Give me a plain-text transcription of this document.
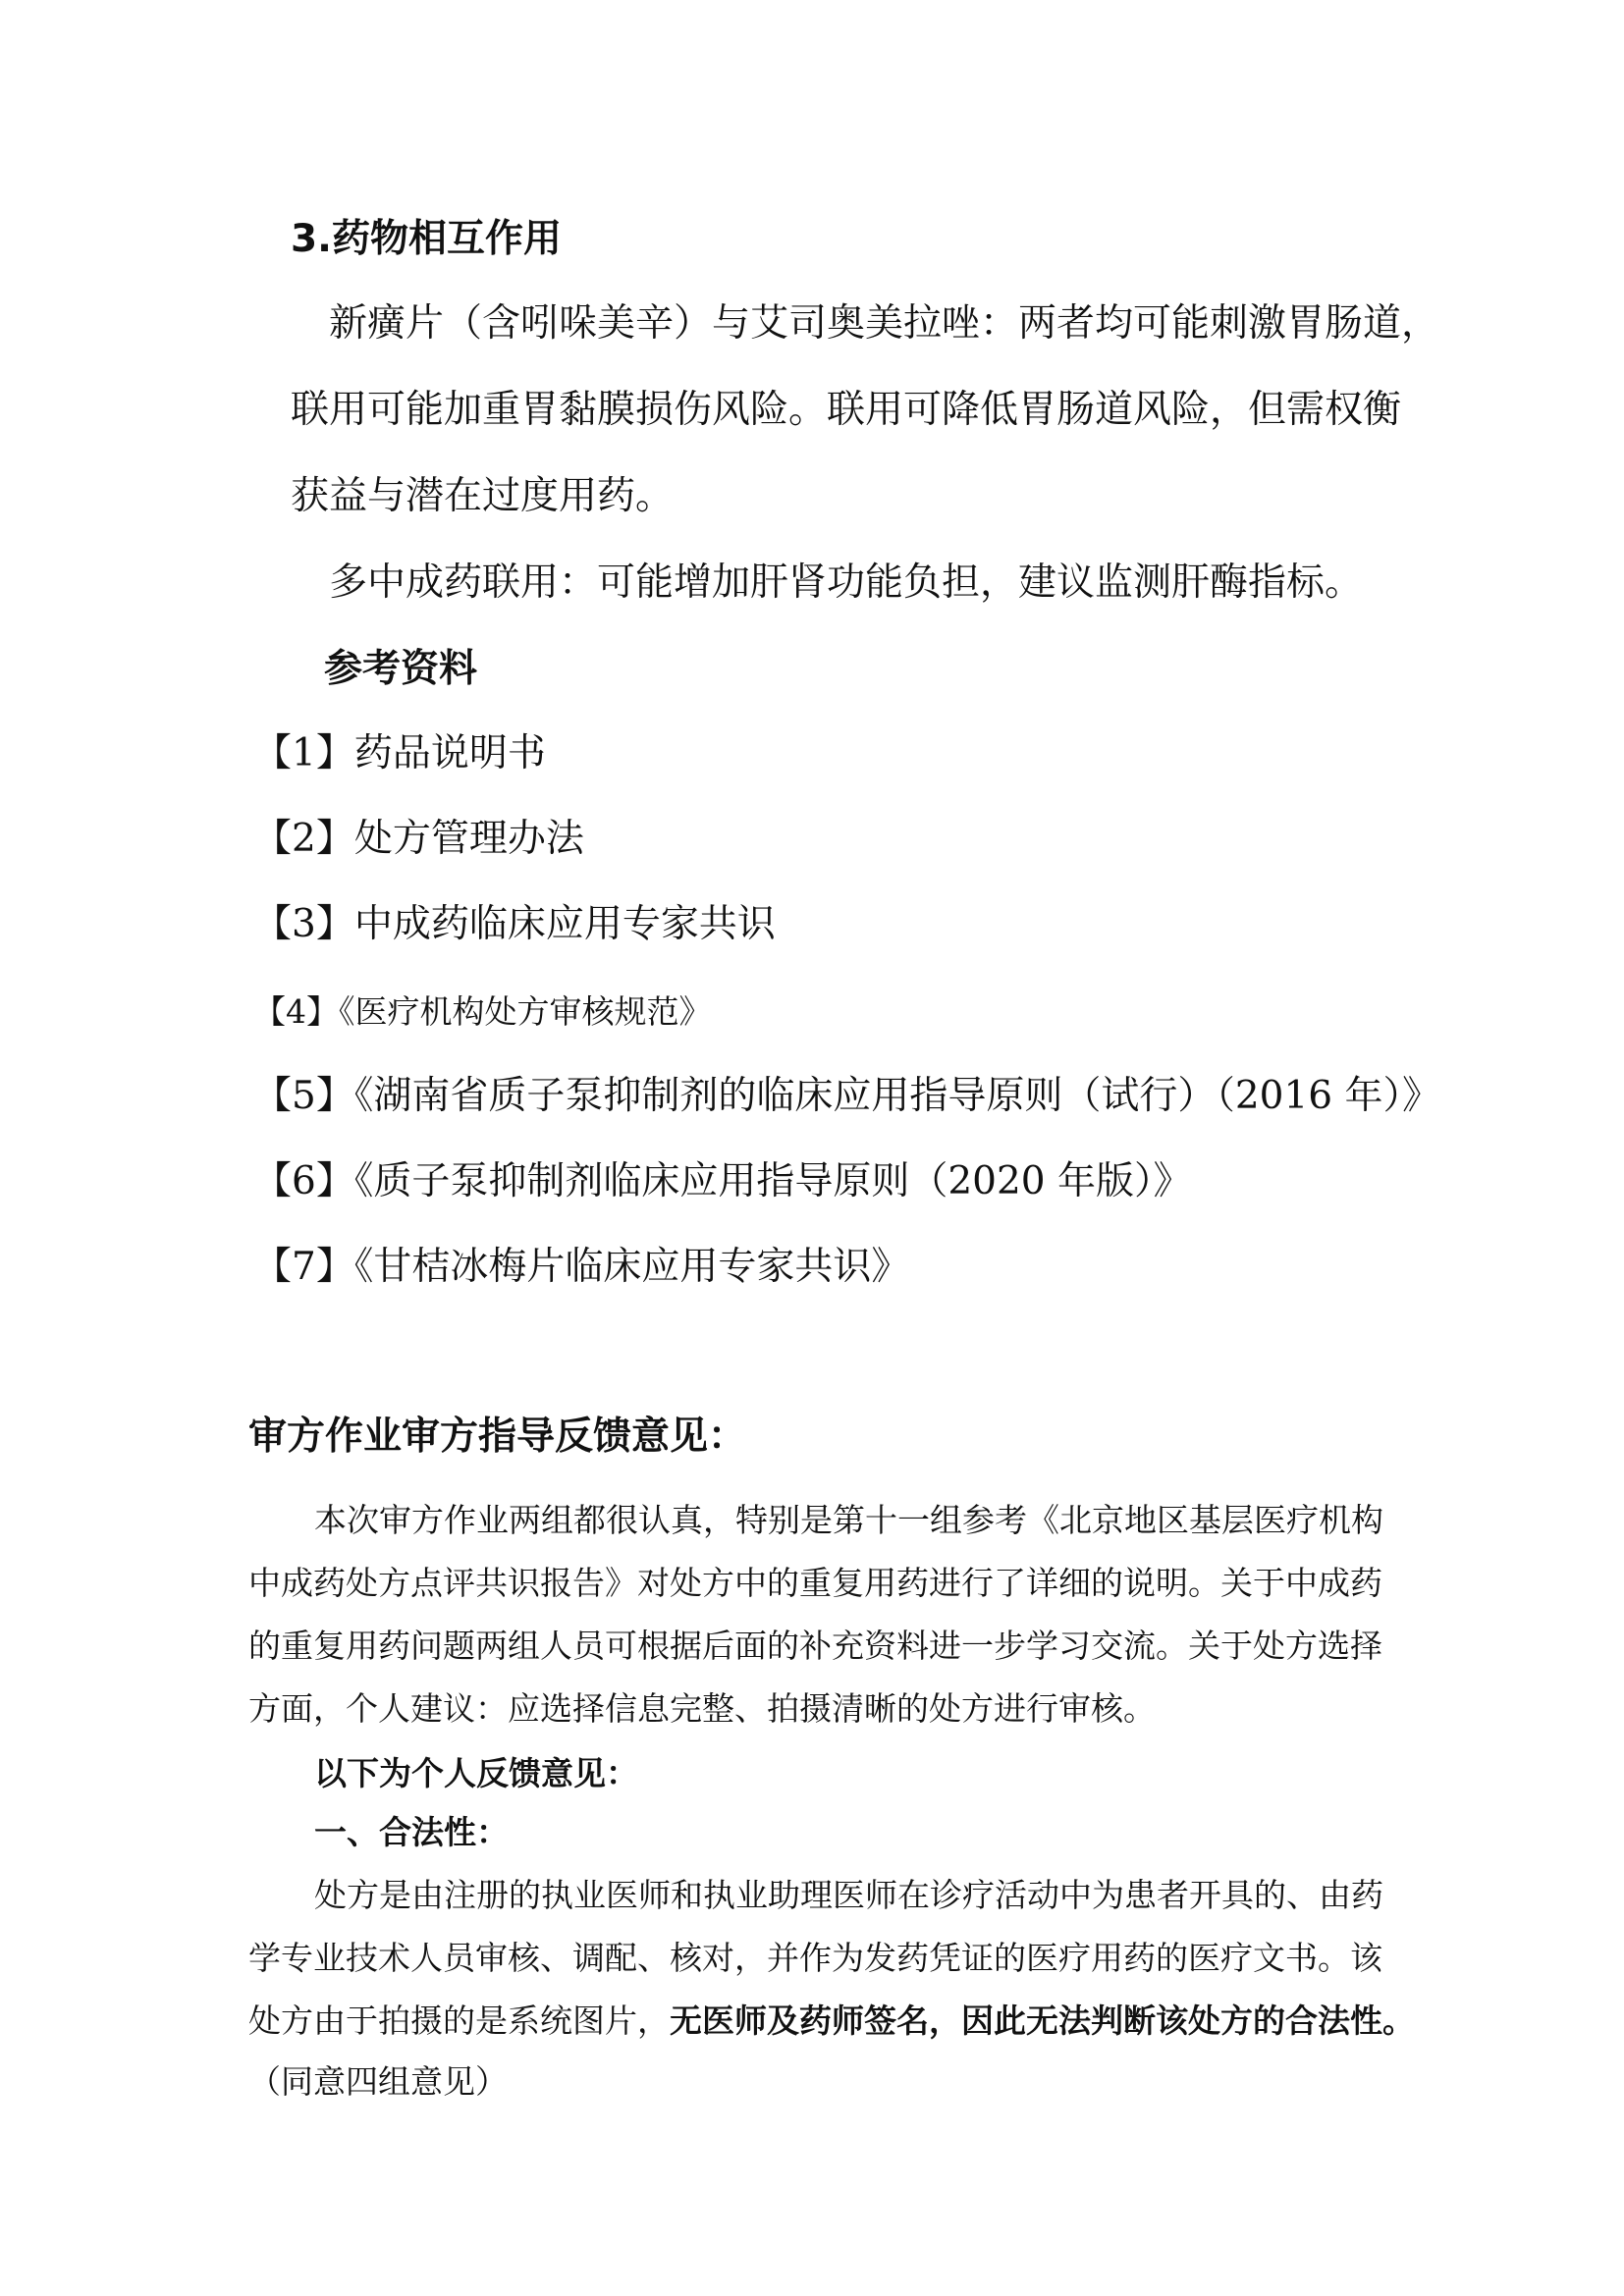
3.药物相互作用
新癀片（含吲哚美辛）与艾司奥美拉唑：两者均可能刺激胃肠道，
联用可能加重胃黏膜损伤风险。联用可降低胃肠道风险，但需权衡
获益与潜在过度用药。
多中成药联用：可能增加肝肾功能负担，建议监测肝酶指标。
参考资料
【1】药品说明书
【2】处方管理办法
【3】中成药临床应用专家共识
【4】《医疗机构处方审核规范》
【5】《湖南省质子泵抑制剂的临床应用指导原则（试行）（2016 年）》
【6】《质子泵抑制剂临床应用指导原则（2020 年版）》
【7】《甘桔冰梅片临床应用专家共识》
审方作业审方指导反馈意见：
本次审方作业两组都很认真，特别是第十一组参考《北京地区基层医疗机构
中成药处方点评共识报告》对处方中的重复用药进行了详细的说明。关于中成药
的重复用药问题两组人员可根据后面的补充资料进一步学习交流。关于处方选择
方面，个人建议：应选择信息完整、拍摄清晰的处方进行审核。
以下为个人反馈意见：
一、合法性：
处方是由注册的执业医师和执业助理医师在诊疗活动中为患者开具的、由药
学专业技术人员审核、调配、核对，并作为发药凭证的医疗用药的医疗文书。该
处方由于拍摄的是系统图片，无医师及药师签名，因此无法判断该处方的合法性。
（同意四组意见）
